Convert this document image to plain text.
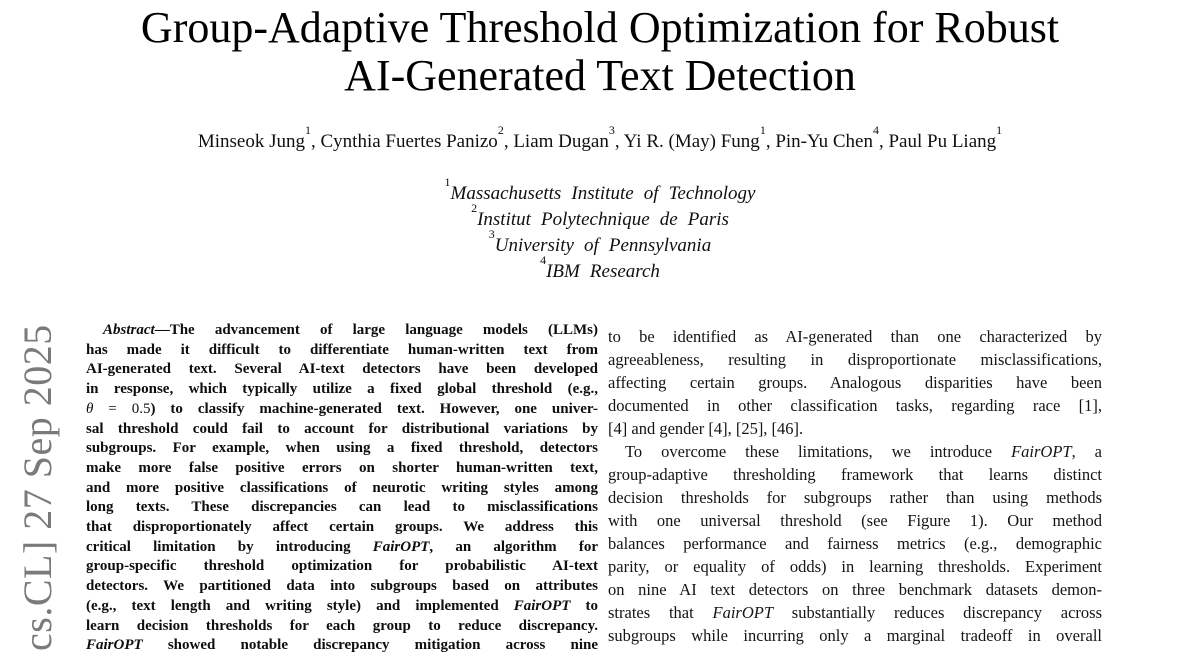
cs.CL] 27 Sep 2025
Group-Adaptive Threshold Optimization for Robust
AI-Generated Text Detection
Minseok Jung$^1$, Cynthia Fuertes Panizo$^2$, Liam Dugan$^3$, Yi R. (May) Fung$^1$, Pin-Yu Chen$^4$, Paul Pu Liang$^1$
$^1$Massachusetts Institute of Technology
$^2$Institut Polytechnique de Paris
$^3$University of Pennsylvania
$^4$IBM Research
Abstract—The advancement of large language models (LLMs)
has made it difficult to differentiate human-written text from
AI-generated text. Several AI-text detectors have been developed
in response, which typically utilize a fixed global threshold (e.g.,
θ = 0.5) to classify machine-generated text. However, one univer-
sal threshold could fail to account for distributional variations by
subgroups. For example, when using a fixed threshold, detectors
make more false positive errors on shorter human-written text,
and more positive classifications of neurotic writing styles among
long texts. These discrepancies can lead to misclassifications
that disproportionately affect certain groups. We address this
critical limitation by introducing FairOPT, an algorithm for
group-specific threshold optimization for probabilistic AI-text
detectors. We partitioned data into subgroups based on attributes
(e.g., text length and writing style) and implemented FairOPT to
learn decision thresholds for each group to reduce discrepancy.
FairOPT showed notable discrepancy mitigation across nine
to be identified as AI-generated than one characterized by
agreeableness, resulting in disproportionate misclassifications,
affecting certain groups. Analogous disparities have been
documented in other classification tasks, regarding race [1],
[4] and gender [4], [25], [46].
To overcome these limitations, we introduce FairOPT, a
group-adaptive thresholding framework that learns distinct
decision thresholds for subgroups rather than using methods
with one universal threshold (see Figure 1). Our method
balances performance and fairness metrics (e.g., demographic
parity, or equality of odds) in learning thresholds. Experiment
on nine AI text detectors on three benchmark datasets demon-
strates that FairOPT substantially reduces discrepancy across
subgroups while incurring only a marginal tradeoff in overall
